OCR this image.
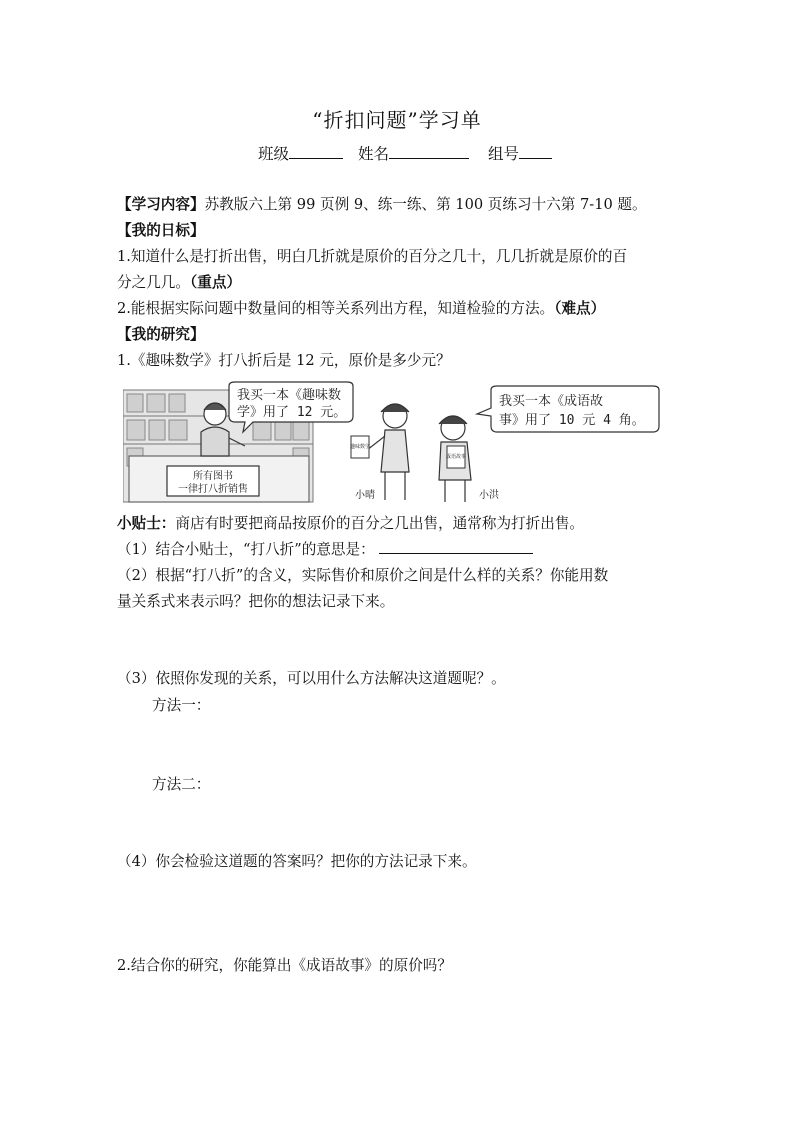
“折扣问题”学习单
班级	姓名	组号
【学习内容】苏教版六上第 99 页例 9、练一练、第 100 页练习十六第 7-10 题。
【我的日标】
1.知道什么是打折出售，明白几折就是原价的百分之几十，几几折就是原价的百
分之几几。（重点）
2.能根据实际问题中数量间的相等关系列出方程，知道检验的方法。（难点）
【我的研究】
1.《趣味数学》打八折后是 12 元，原价是多少元？
所有图书
一律打八折销售
我买一本《趣味数
学》用了 12 元。
趣味数学
小晴
成语故事
小洪
我买一本《成语故
事》用了 10 元 4 角。
小贴士：商店有时要把商品按原价的百分之几出售，通常称为打折出售。
（1）结合小贴士，“打八折”的意思是：
（2）根据“打八折”的含义，实际售价和原价之间是什么样的关系？你能用数
量关系式来表示吗？把你的想法记录下来。
（3）依照你发现的关系，可以用什么方法解决这道题呢？。
方法一：
方法二：
（4）你会检验这道题的答案吗？把你的方法记录下来。
2.结合你的研究，你能算出《成语故事》的原价吗？
